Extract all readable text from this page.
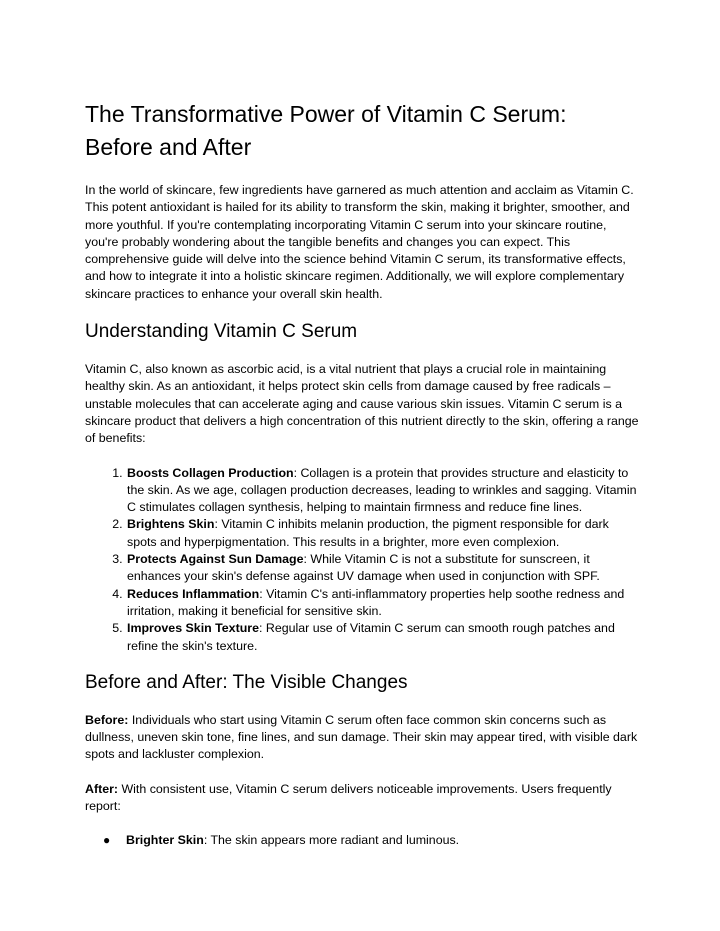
The Transformative Power of Vitamin C Serum: Before and After

In the world of skincare, few ingredients have garnered as much attention and acclaim as Vitamin C. This potent antioxidant is hailed for its ability to transform the skin, making it brighter, smoother, and more youthful. If you're contemplating incorporating Vitamin C serum into your skincare routine, you're probably wondering about the tangible benefits and changes you can expect. This comprehensive guide will delve into the science behind Vitamin C serum, its transformative effects, and how to integrate it into a holistic skincare regimen. Additionally, we will explore complementary skincare practices to enhance your overall skin health.

Understanding Vitamin C Serum

Vitamin C, also known as ascorbic acid, is a vital nutrient that plays a crucial role in maintaining healthy skin. As an antioxidant, it helps protect skin cells from damage caused by free radicals – unstable molecules that can accelerate aging and cause various skin issues. Vitamin C serum is a skincare product that delivers a high concentration of this nutrient directly to the skin, offering a range of benefits:

1. Boosts Collagen Production: Collagen is a protein that provides structure and elasticity to the skin. As we age, collagen production decreases, leading to wrinkles and sagging. Vitamin C stimulates collagen synthesis, helping to maintain firmness and reduce fine lines.
2. Brightens Skin: Vitamin C inhibits melanin production, the pigment responsible for dark spots and hyperpigmentation. This results in a brighter, more even complexion.
3. Protects Against Sun Damage: While Vitamin C is not a substitute for sunscreen, it enhances your skin's defense against UV damage when used in conjunction with SPF.
4. Reduces Inflammation: Vitamin C's anti-inflammatory properties help soothe redness and irritation, making it beneficial for sensitive skin.
5. Improves Skin Texture: Regular use of Vitamin C serum can smooth rough patches and refine the skin's texture.
Before and After: The Visible Changes

Before: Individuals who start using Vitamin C serum often face common skin concerns such as dullness, uneven skin tone, fine lines, and sun damage. Their skin may appear tired, with visible dark spots and lackluster complexion.

After: With consistent use, Vitamin C serum delivers noticeable improvements. Users frequently report:

● Brighter Skin: The skin appears more radiant and luminous.
